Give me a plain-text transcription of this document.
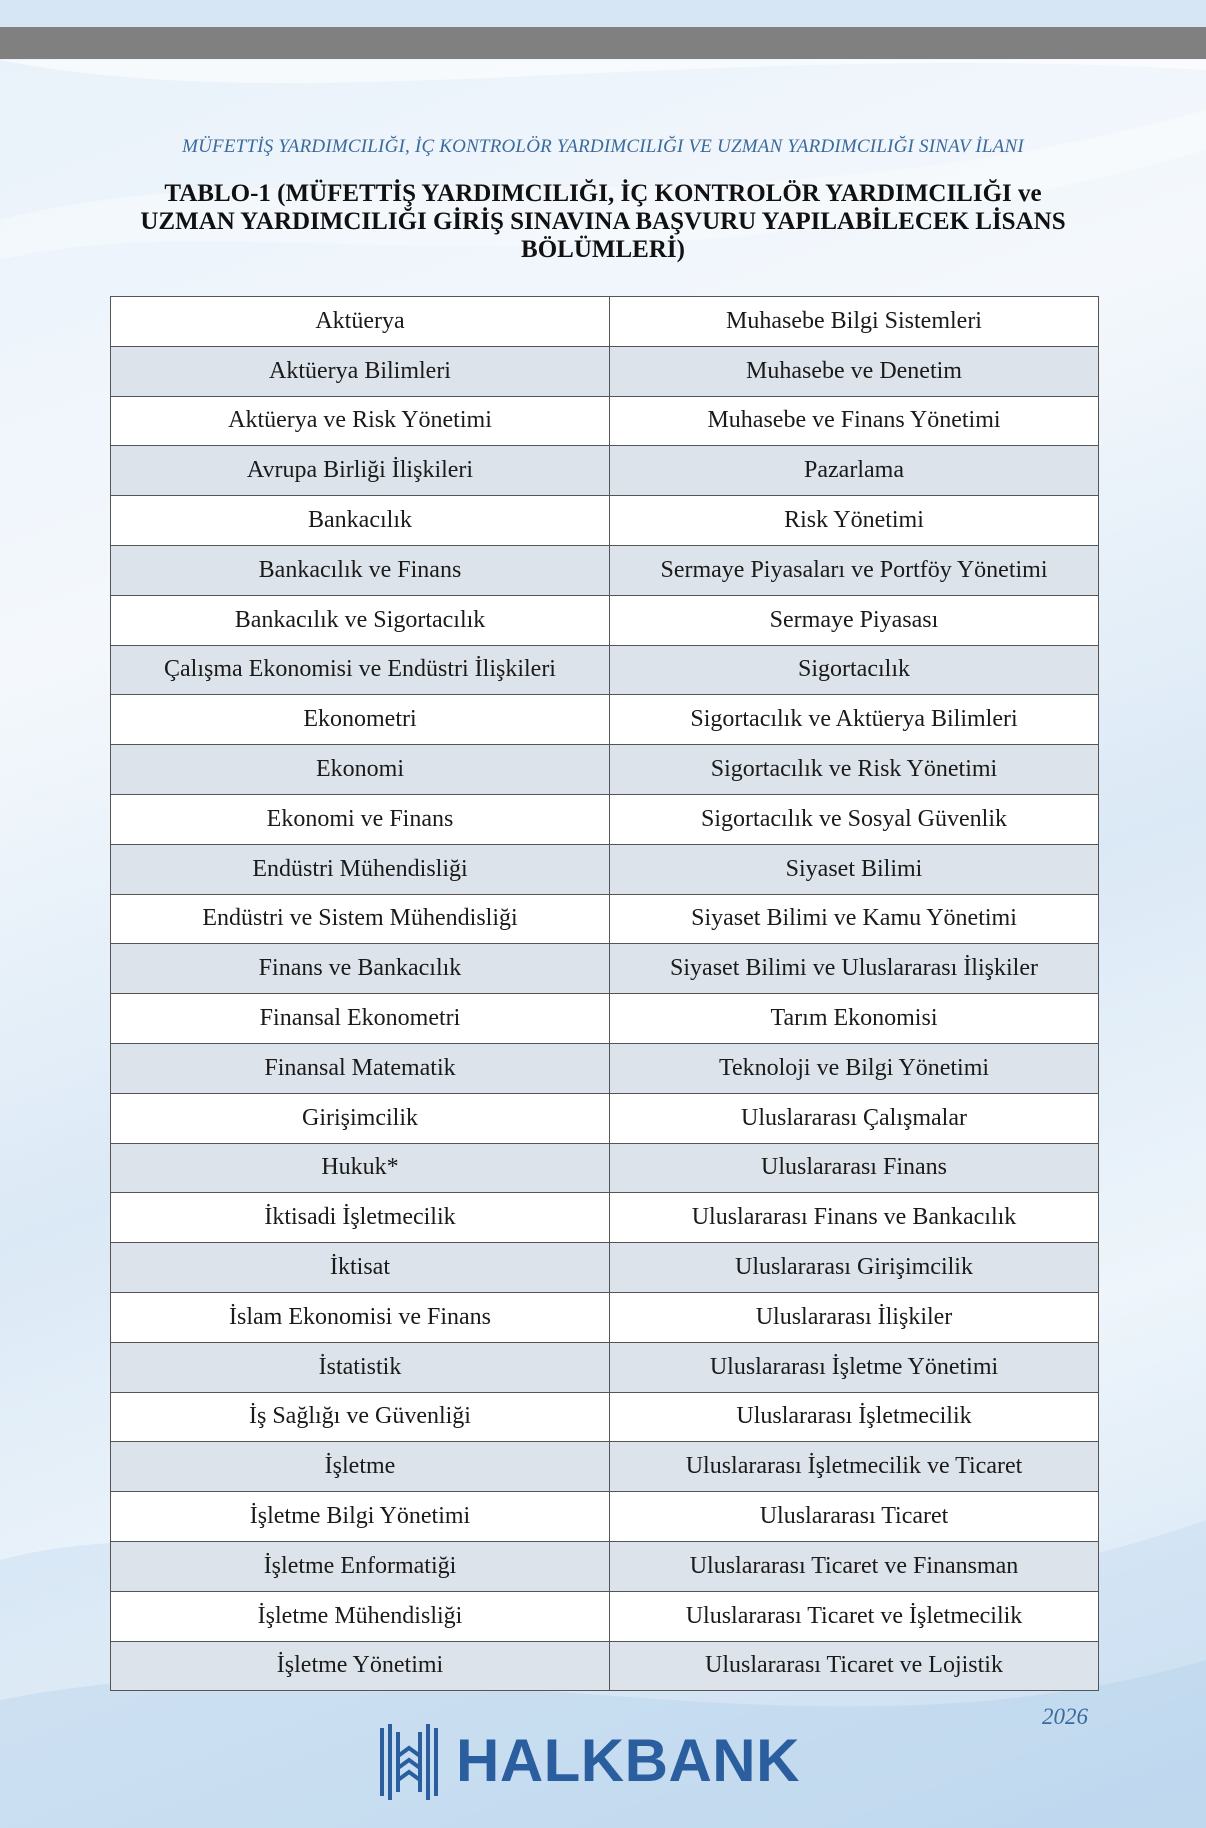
MÜFETTİŞ YARDIMCILIĞI, İÇ KONTROLÖR YARDIMCILIĞI VE UZMAN YARDIMCILIĞI SINAV İLANI
TABLO-1 (MÜFETTİŞ YARDIMCILIĞI, İÇ KONTROLÖR YARDIMCILIĞI ve
UZMAN YARDIMCILIĞI GİRİŞ SINAVINA BAŞVURU YAPILABİLECEK LİSANS
BÖLÜMLERİ)
Aktüerya	Muhasebe Bilgi Sistemleri
Aktüerya Bilimleri	Muhasebe ve Denetim
Aktüerya ve Risk Yönetimi	Muhasebe ve Finans Yönetimi
Avrupa Birliği İlişkileri	Pazarlama
Bankacılık	Risk Yönetimi
Bankacılık ve Finans	Sermaye Piyasaları ve Portföy Yönetimi
Bankacılık ve Sigortacılık	Sermaye Piyasası
Çalışma Ekonomisi ve Endüstri İlişkileri	Sigortacılık
Ekonometri	Sigortacılık ve Aktüerya Bilimleri
Ekonomi	Sigortacılık ve Risk Yönetimi
Ekonomi ve Finans	Sigortacılık ve Sosyal Güvenlik
Endüstri Mühendisliği	Siyaset Bilimi
Endüstri ve Sistem Mühendisliği	Siyaset Bilimi ve Kamu Yönetimi
Finans ve Bankacılık	Siyaset Bilimi ve Uluslararası İlişkiler
Finansal Ekonometri	Tarım Ekonomisi
Finansal Matematik	Teknoloji ve Bilgi Yönetimi
Girişimcilik	Uluslararası Çalışmalar
Hukuk*	Uluslararası Finans
İktisadi İşletmecilik	Uluslararası Finans ve Bankacılık
İktisat	Uluslararası Girişimcilik
İslam Ekonomisi ve Finans	Uluslararası İlişkiler
İstatistik	Uluslararası İşletme Yönetimi
İş Sağlığı ve Güvenliği	Uluslararası İşletmecilik
İşletme	Uluslararası İşletmecilik ve Ticaret
İşletme Bilgi Yönetimi	Uluslararası Ticaret
İşletme Enformatiği	Uluslararası Ticaret ve Finansman
İşletme Mühendisliği	Uluslararası Ticaret ve İşletmecilik
İşletme Yönetimi	Uluslararası Ticaret ve Lojistik
2026
HALKBANK
